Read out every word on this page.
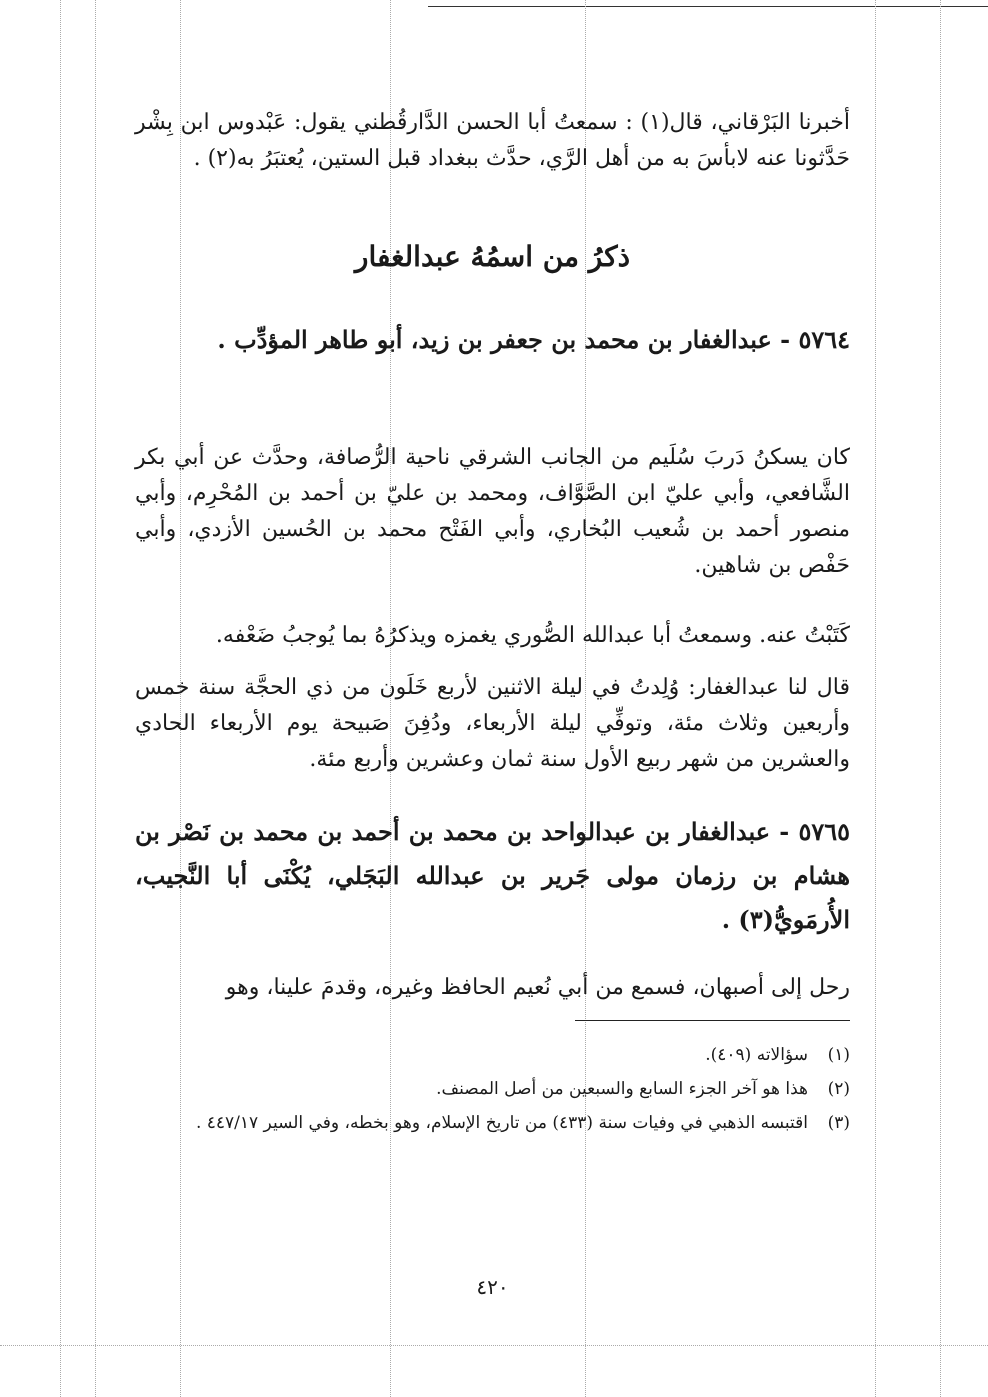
أخبرنا البَرْقاني، قال(١) : سمعتُ أبا الحسن الدَّارقُطني يقول: عَبْدوس ابن بِشْر حَدَّثونا عنه لابأسَ به من أهل الرَّي، حدَّث ببغداد قبل الستين، يُعتبَرُ به(٢) .

ذكرُ من اسمُهُ عبدالغفار

٥٧٦٤ - عبدالغفار بن محمد بن جعفر بن زيد، أبو طاهر المؤدِّب .

كان يسكنُ دَربَ سُلَيم من الجانب الشرقي ناحية الرُّصافة، وحدَّث عن أبي بكر الشَّافعي، وأبي عليّ ابن الصَّوَّاف، ومحمد بن عليّ بن أحمد بن المُحْرِم، وأبي منصور أحمد بن شُعيب البُخاري، وأبي الفَتْح محمد بن الحُسين الأزدي، وأبي حَفْص بن شاهين.

كَتَبْتُ عنه. وسمعتُ أبا عبدالله الصُّوري يغمزه ويذكرُهُ بما يُوجبُ ضَعْفه.

قال لنا عبدالغفار: وُلِدتُ في ليلة الاثنين لأربع خَلَون من ذي الحجَّة سنة خمس وأربعين وثلاث مئة، وتوفِّي ليلة الأربعاء، ودُفِنَ صَبيحة يوم الأربعاء الحادي والعشرين من شهر ربيع الأول سنة ثمان وعشرين وأربع مئة.

٥٧٦٥ - عبدالغفار بن عبدالواحد بن محمد بن أحمد بن محمد بن نَصْر بن هشام بن رزمان مولى جَرير بن عبدالله البَجَلي، يُكْنَى أبا النَّجيب، الأُرمَويُّ(٣) .

رحل إلى أصبهان، فسمع من أبي نُعيم الحافظ وغيره، وقدمَ علينا، وهو

(١)
سؤالاته (٤٠٩).
(٢)
هذا هو آخر الجزء السابع والسبعين من أصل المصنف.
(٣)
اقتبسه الذهبي في وفيات سنة (٤٣٣) من تاريخ الإسلام، وهو بخطه، وفي السير ٤٤٧/١٧ .
٤٢٠
